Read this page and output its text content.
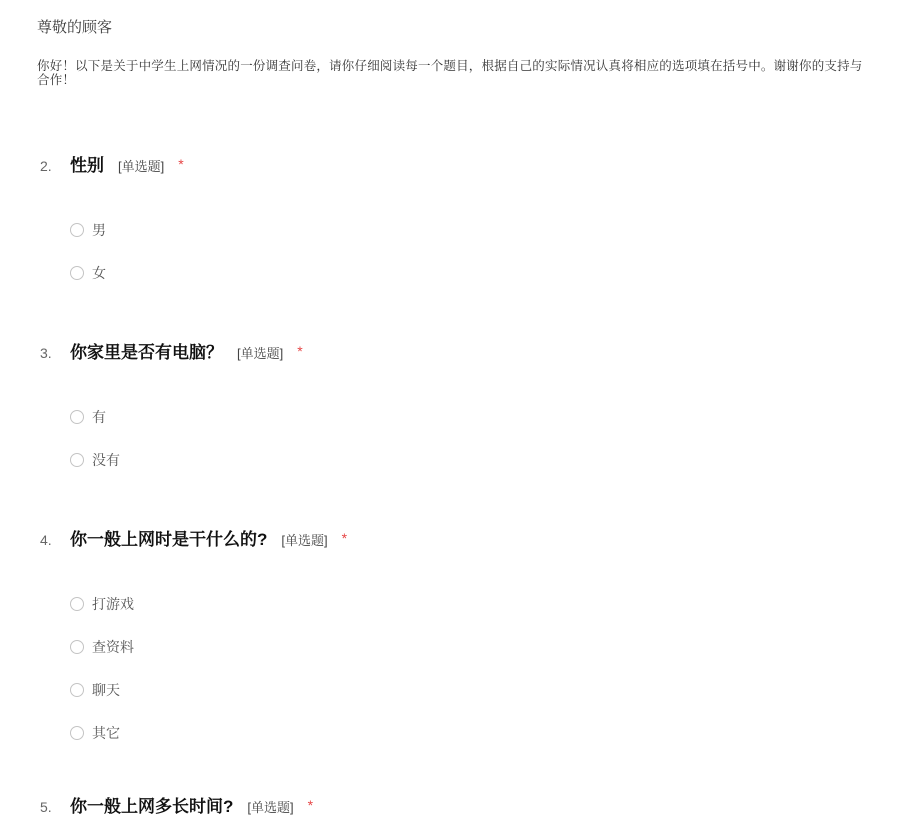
尊敬的顾客
你好！以下是关于中学生上网情况的一份调查问卷，请你仔细阅读每一个题目，根据自己的实际情况认真将相应的选项填在括号中。谢谢你的支持与合作！
2.	性别 [单选题] *
男
女
3.	你家里是否有电脑？ [单选题] *
有
没有
4.	你一般上网时是干什么的? [单选题] *
打游戏
查资料
聊天
其它
5.	你一般上网多长时间? [单选题] *
